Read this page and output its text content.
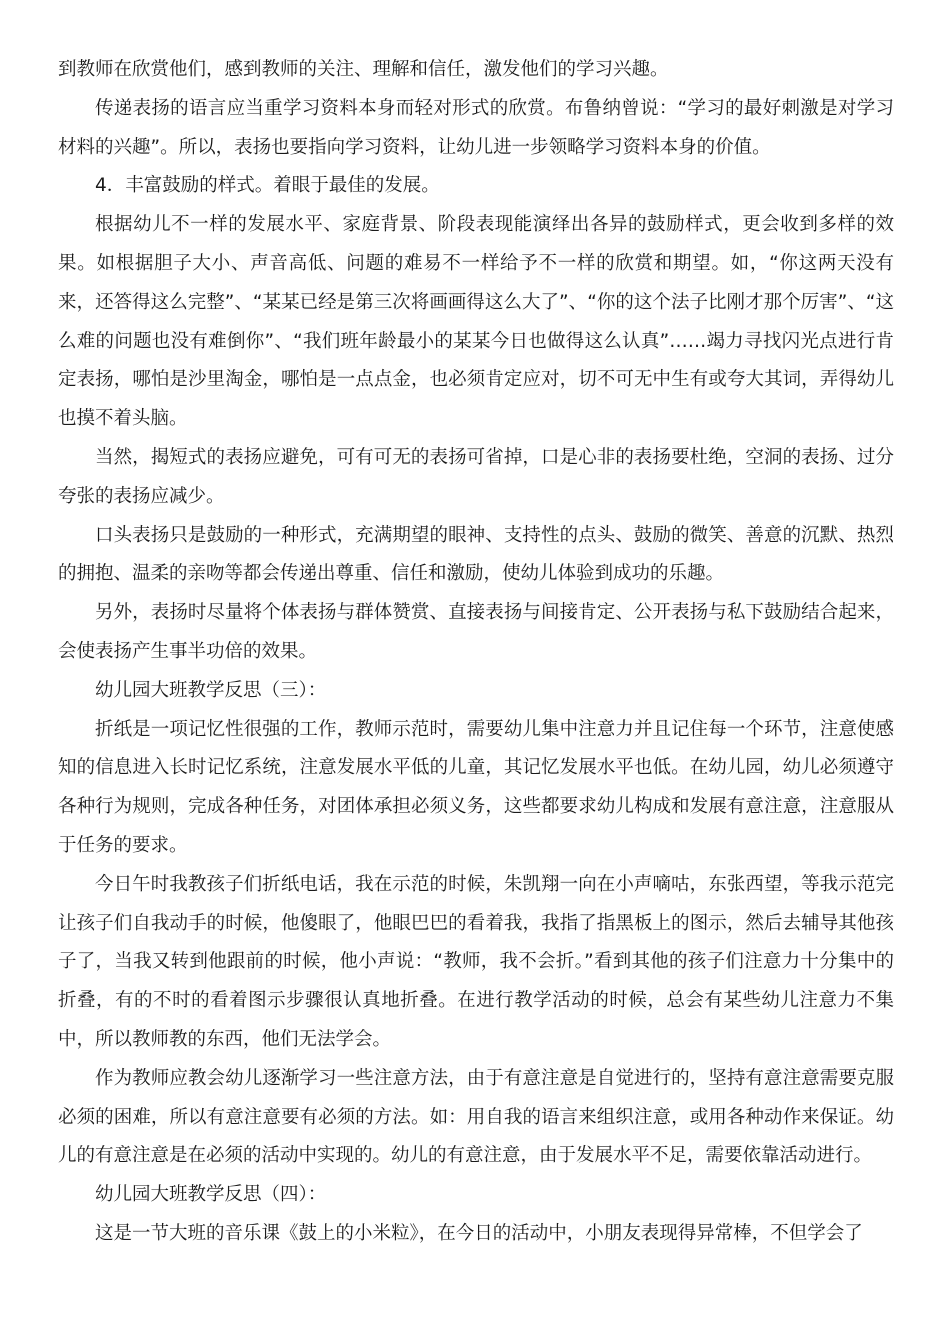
到教师在欣赏他们，感到教师的关注、理解和信任，激发他们的学习兴趣。

传递表扬的语言应当重学习资料本身而轻对形式的欣赏。布鲁纳曾说：“学习的最好刺激是对学习材料的兴趣”。所以，表扬也要指向学习资料，让幼儿进一步领略学习资料本身的价值。

4．丰富鼓励的样式。着眼于最佳的发展。

根据幼儿不一样的发展水平、家庭背景、阶段表现能演绎出各异的鼓励样式，更会收到多样的效果。如根据胆子大小、声音高低、问题的难易不一样给予不一样的欣赏和期望。如，“你这两天没有来，还答得这么完整”、“某某已经是第三次将画画得这么大了”、“你的这个法子比刚才那个厉害”、“这么难的问题也没有难倒你”、“我们班年龄最小的某某今日也做得这么认真”……竭力寻找闪光点进行肯定表扬，哪怕是沙里淘金，哪怕是一点点金，也必须肯定应对，切不可无中生有或夸大其词，弄得幼儿也摸不着头脑。

当然，揭短式的表扬应避免，可有可无的表扬可省掉，口是心非的表扬要杜绝，空洞的表扬、过分夸张的表扬应减少。

口头表扬只是鼓励的一种形式，充满期望的眼神、支持性的点头、鼓励的微笑、善意的沉默、热烈的拥抱、温柔的亲吻等都会传递出尊重、信任和激励，使幼儿体验到成功的乐趣。

另外，表扬时尽量将个体表扬与群体赞赏、直接表扬与间接肯定、公开表扬与私下鼓励结合起来，会使表扬产生事半功倍的效果。

幼儿园大班教学反思（三）：

折纸是一项记忆性很强的工作，教师示范时，需要幼儿集中注意力并且记住每一个环节，注意使感知的信息进入长时记忆系统，注意发展水平低的儿童，其记忆发展水平也低。在幼儿园，幼儿必须遵守各种行为规则，完成各种任务，对团体承担必须义务，这些都要求幼儿构成和发展有意注意，注意服从于任务的要求。

今日午时我教孩子们折纸电话，我在示范的时候，朱凯翔一向在小声嘀咕，东张西望，等我示范完让孩子们自我动手的时候，他傻眼了，他眼巴巴的看着我，我指了指黑板上的图示，然后去辅导其他孩子了，当我又转到他跟前的时候，他小声说：“教师，我不会折。”看到其他的孩子们注意力十分集中的折叠，有的不时的看着图示步骤很认真地折叠。在进行教学活动的时候，总会有某些幼儿注意力不集中，所以教师教的东西，他们无法学会。

作为教师应教会幼儿逐渐学习一些注意方法，由于有意注意是自觉进行的，坚持有意注意需要克服必须的困难，所以有意注意要有必须的方法。如：用自我的语言来组织注意，或用各种动作来保证。幼儿的有意注意是在必须的活动中实现的。幼儿的有意注意，由于发展水平不足，需要依靠活动进行。

幼儿园大班教学反思（四）：

这是一节大班的音乐课《鼓上的小米粒》，在今日的活动中，小朋友表现得异常棒，不但学会了
